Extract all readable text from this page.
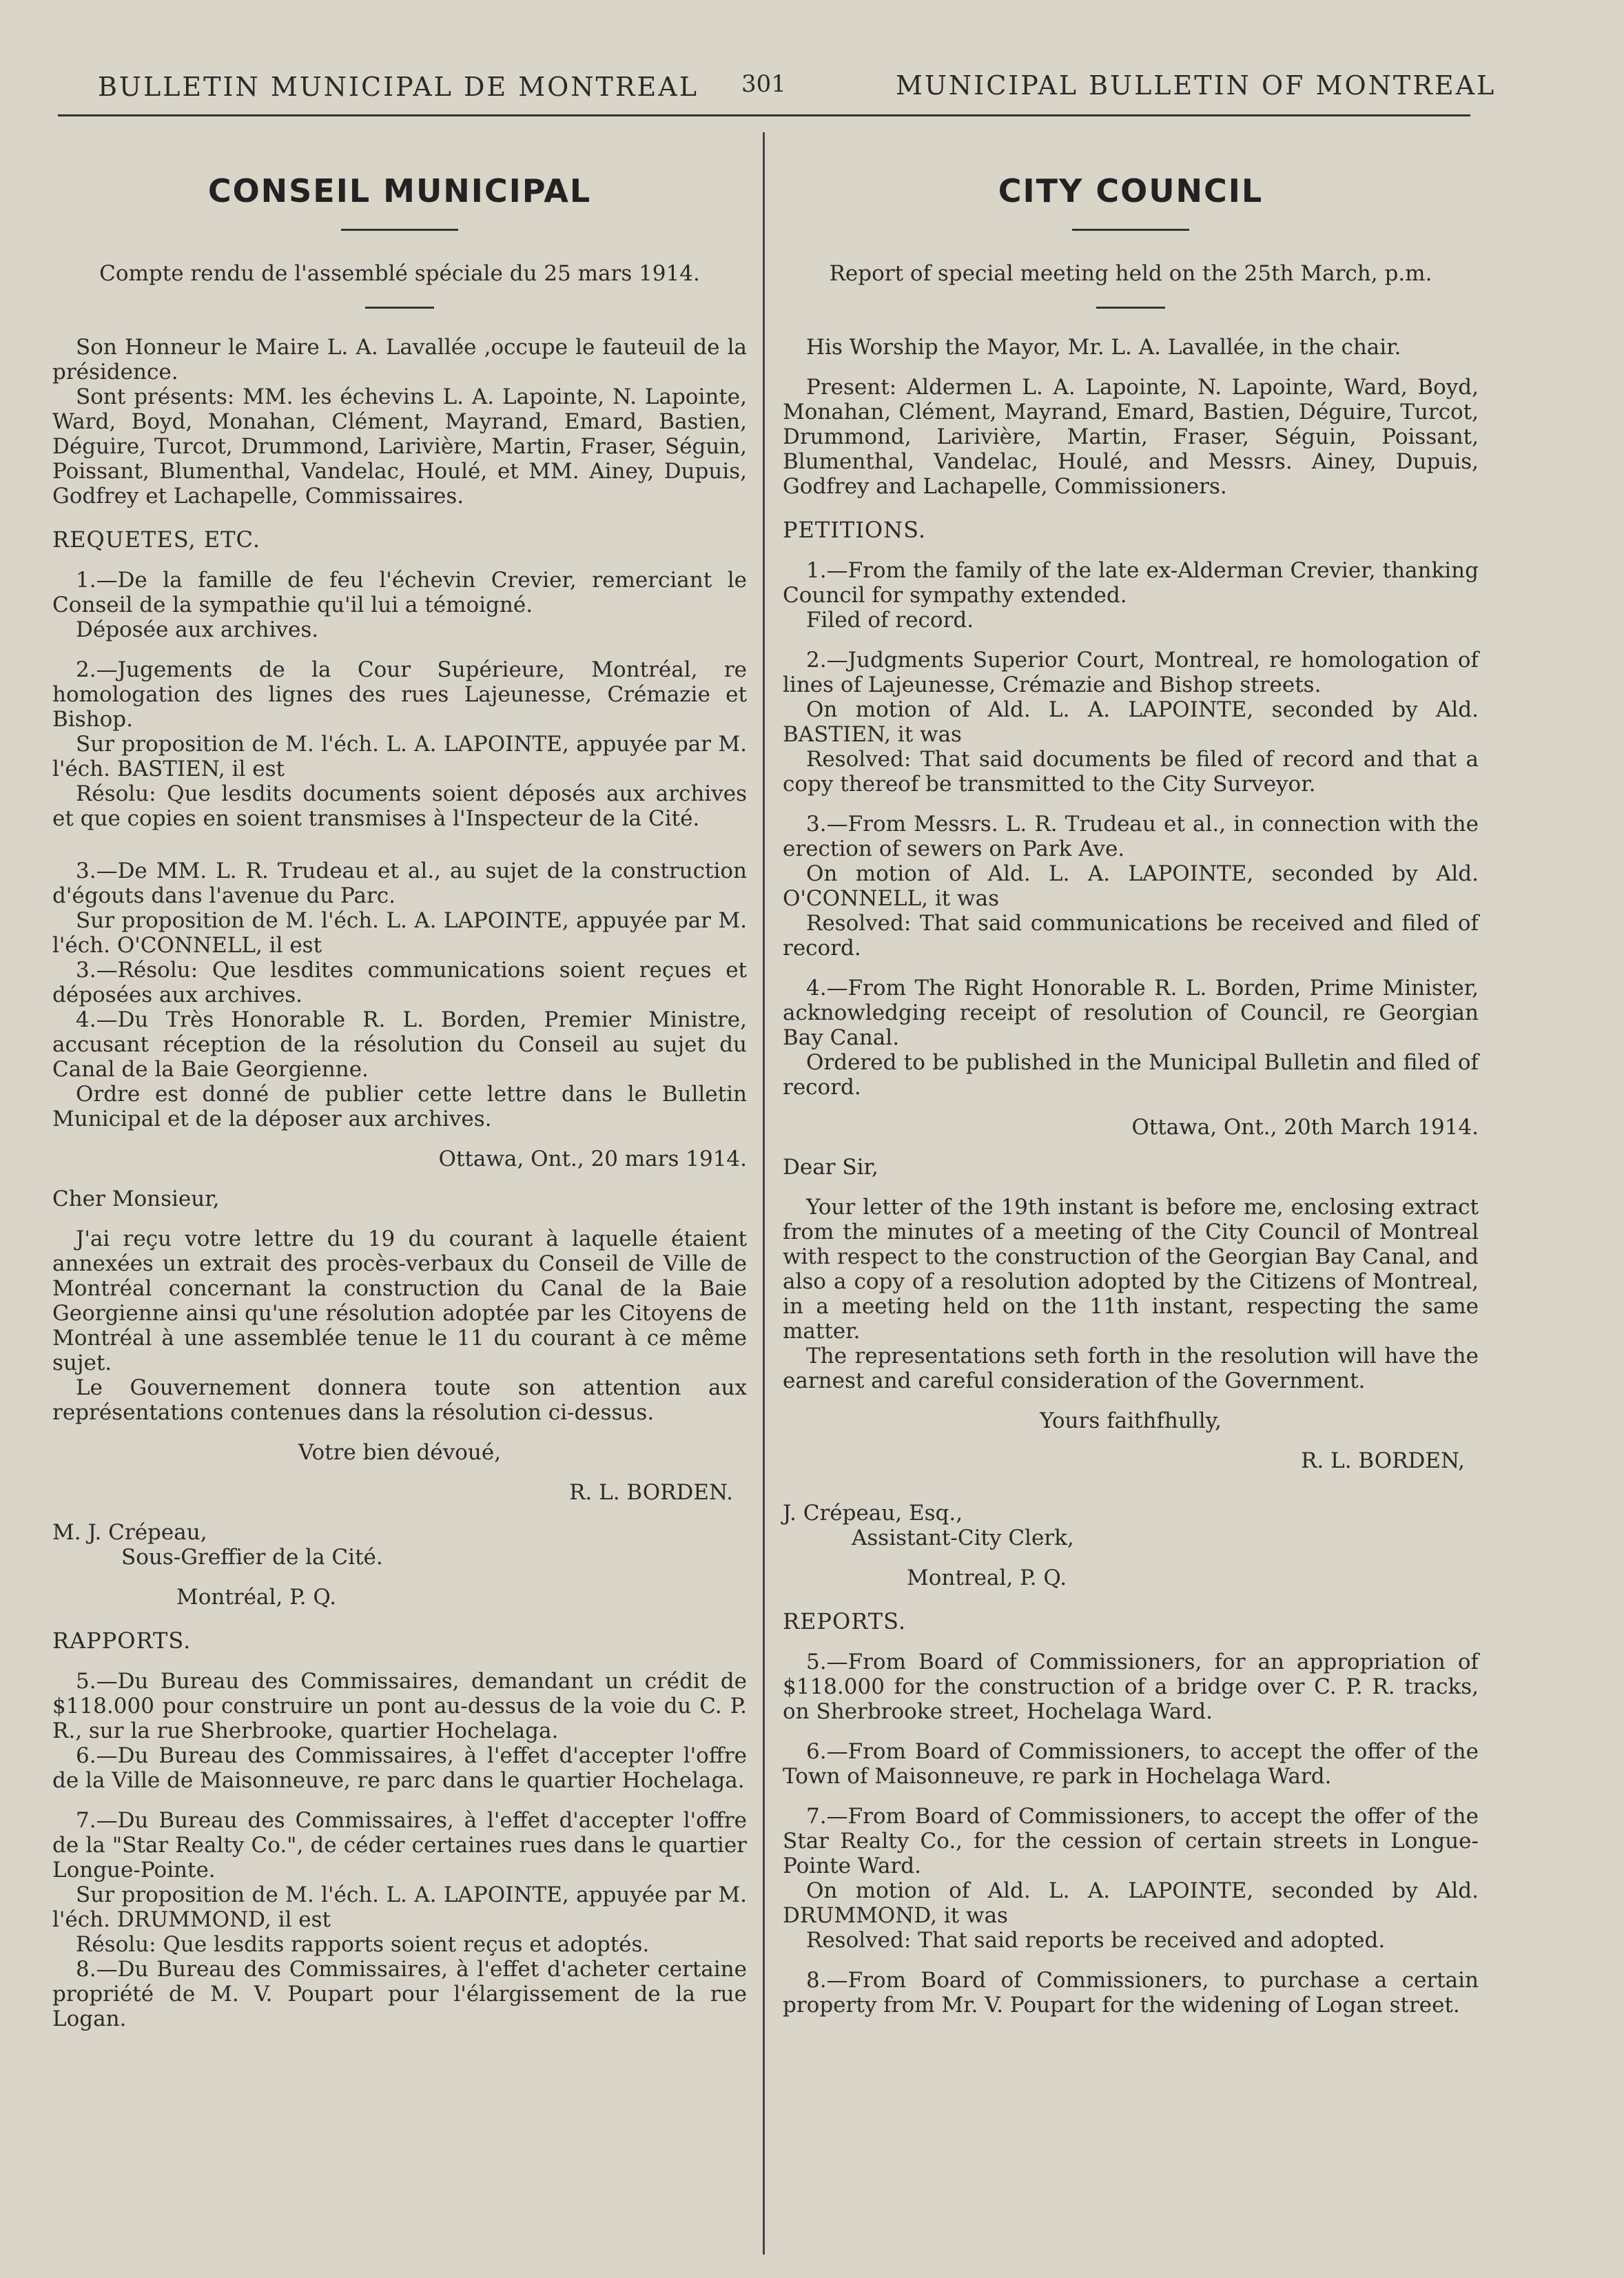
BULLETIN MUNICIPAL DE MONTREAL 301	MUNICIPAL BULLETIN OF MONTREAL
CONSEIL MUNICIPAL

Compte rendu de l'assemblé spéciale du 25 mars 1914.

Son Honneur le Maire L. A. Lavallée ,occupe le fauteuil de la présidence.

Sont présents: MM. les échevins L. A. Lapointe, N. Lapointe, Ward, Boyd, Monahan, Clément, Mayrand, Emard, Bastien, Déguire, Turcot, Drummond, Larivière, Martin, Fraser, Séguin, Poissant, Blumenthal, Vandelac, Houlé, et MM. Ainey, Dupuis, Godfrey et Lachapelle, Commissaires.

REQUETES, ETC.

1.—De la famille de feu l'échevin Crevier, remerciant le Conseil de la sympathie qu'il lui a témoigné.

Déposée aux archives.

2.—Jugements de la Cour Supérieure, Montréal, re homologation des lignes des rues Lajeunesse, Crémazie et Bishop.

Sur proposition de M. l'éch. L. A. LAPOINTE, appuyée par M. l'éch. BASTIEN, il est

Résolu: Que lesdits documents soient déposés aux archives et que copies en soient transmises à l'Inspecteur de la Cité.

3.—De MM. L. R. Trudeau et al., au sujet de la construction d'égouts dans l'avenue du Parc.

Sur proposition de M. l'éch. L. A. LAPOINTE, appuyée par M. l'éch. O'CONNELL, il est

3.—Résolu: Que lesdites communications soient reçues et déposées aux archives.

4.—Du Très Honorable R. L. Borden, Premier Ministre, accusant réception de la résolution du Conseil au sujet du Canal de la Baie Georgienne.

Ordre est donné de publier cette lettre dans le Bulletin Municipal et de la déposer aux archives.

Ottawa, Ont., 20 mars 1914.

Cher Monsieur,

J'ai reçu votre lettre du 19 du courant à laquelle étaient annexées un extrait des procès-verbaux du Conseil de Ville de Montréal concernant la construction du Canal de la Baie Georgienne ainsi qu'une résolution adoptée par les Citoyens de Montréal à une assemblée tenue le 11 du courant à ce même sujet.

Le Gouvernement donnera toute son attention aux représentations contenues dans la résolution ci-dessus.

Votre bien dévoué,

R. L. BORDEN.

M. J. Crépeau,

Sous-Greffier de la Cité.

Montréal, P. Q.

RAPPORTS.

5.—Du Bureau des Commissaires, demandant un crédit de $118.000 pour construire un pont au-dessus de la voie du C. P. R., sur la rue Sherbrooke, quartier Hochelaga.

6.—Du Bureau des Commissaires, à l'effet d'accepter l'offre de la Ville de Maisonneuve, re parc dans le quartier Hochelaga.

7.—Du Bureau des Commissaires, à l'effet d'accepter l'offre de la "Star Realty Co.", de céder certaines rues dans le quartier Longue-Pointe.

Sur proposition de M. l'éch. L. A. LAPOINTE, appuyée par M. l'éch. DRUMMOND, il est

Résolu: Que lesdits rapports soient reçus et adoptés.

8.—Du Bureau des Commissaires, à l'effet d'acheter certaine propriété de M. V. Poupart pour l'élargissement de la rue Logan.

CITY COUNCIL

Report of special meeting held on the 25th March, p.m.

His Worship the Mayor, Mr. L. A. Lavallée, in the chair.

Present: Aldermen L. A. Lapointe, N. Lapointe, Ward, Boyd, Monahan, Clément, Mayrand, Emard, Bastien, Déguire, Turcot, Drummond, Larivière, Martin, Fraser, Séguin, Poissant, Blumenthal, Vandelac, Houlé, and Messrs. Ainey, Dupuis, Godfrey and Lachapelle, Commissioners.

PETITIONS.

1.—From the family of the late ex-Alderman Crevier, thanking Council for sympathy extended.

Filed of record.

2.—Judgments Superior Court, Montreal, re homologation of lines of Lajeunesse, Crémazie and Bishop streets.

On motion of Ald. L. A. LAPOINTE, seconded by Ald. BASTIEN, it was

Resolved: That said documents be filed of record and that a copy thereof be transmitted to the City Surveyor.

3.—From Messrs. L. R. Trudeau et al., in connection with the erection of sewers on Park Ave.

On motion of Ald. L. A. LAPOINTE, seconded by Ald. O'CONNELL, it was

Resolved: That said communications be received and filed of record.

4.—From The Right Honorable R. L. Borden, Prime Minister, acknowledging receipt of resolution of Council, re Georgian Bay Canal.

Ordered to be published in the Municipal Bulletin and filed of record.

Ottawa, Ont., 20th March 1914.

Dear Sir,

Your letter of the 19th instant is before me, enclosing extract from the minutes of a meeting of the City Council of Montreal with respect to the construction of the Georgian Bay Canal, and also a copy of a resolution adopted by the Citizens of Montreal, in a meeting held on the 11th instant, respecting the same matter.

The representations seth forth in the resolution will have the earnest and careful consideration of the Government.

Yours faithfhully,

R. L. BORDEN,

J. Crépeau, Esq.,

Assistant-City Clerk,

Montreal, P. Q.

REPORTS.

5.—From Board of Commissioners, for an appropriation of $118.000 for the construction of a bridge over C. P. R. tracks, on Sherbrooke street, Hochelaga Ward.

6.—From Board of Commissioners, to accept the offer of the Town of Maisonneuve, re park in Hochelaga Ward.

7.—From Board of Commissioners, to accept the offer of the Star Realty Co., for the cession of certain streets in Longue-Pointe Ward.

On motion of Ald. L. A. LAPOINTE, seconded by Ald. DRUMMOND, it was

Resolved: That said reports be received and adopted.

8.—From Board of Commissioners, to purchase a certain property from Mr. V. Poupart for the widening of Logan street.
